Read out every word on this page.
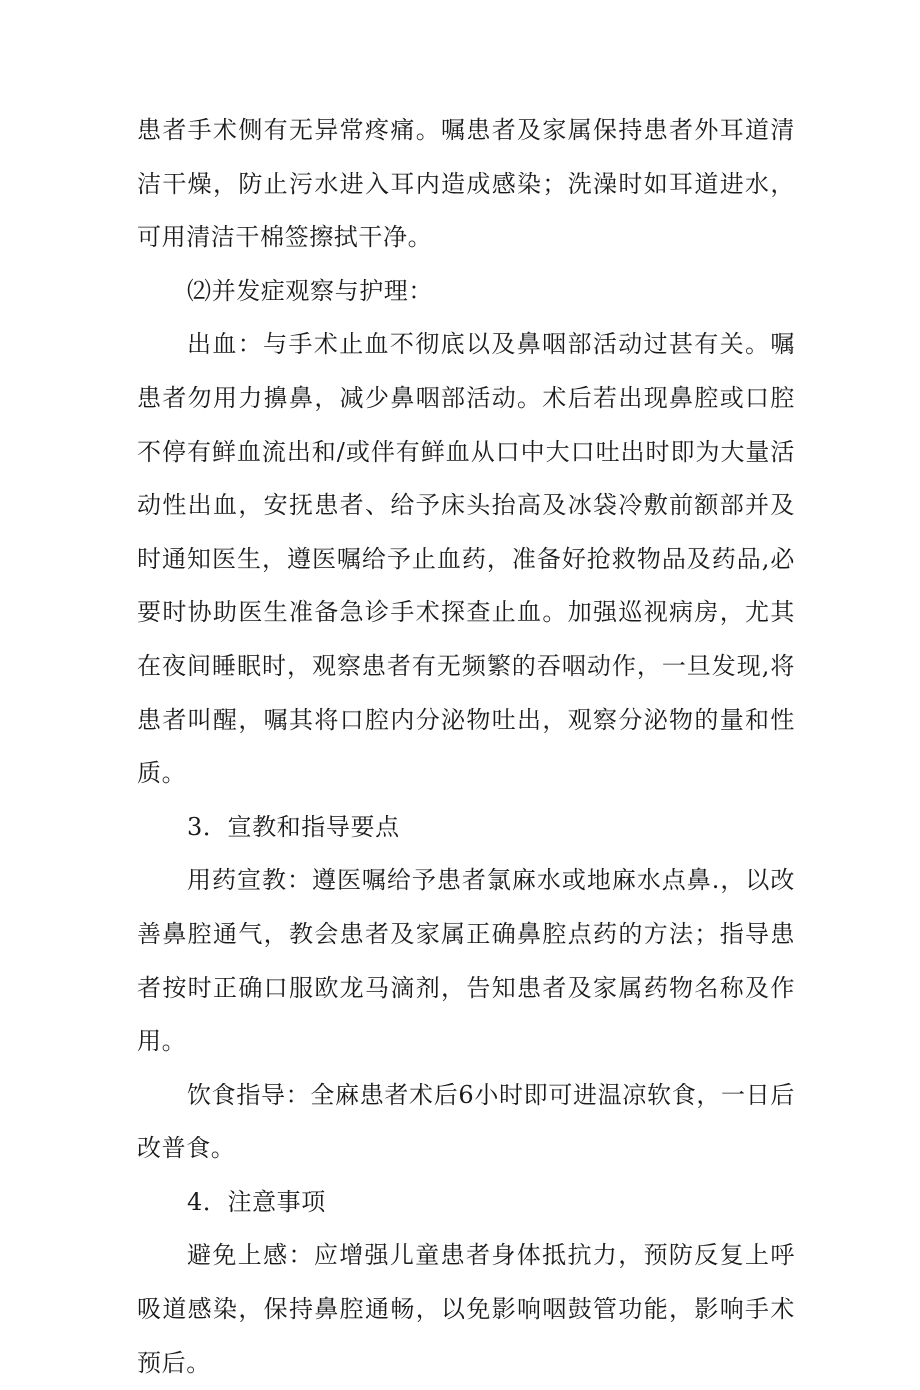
患者手术侧有无异常疼痛。嘱患者及家属保持患者外耳道清洁干燥，防止污水进入耳内造成感染；洗澡时如耳道进水，可用清洁干棉签擦拭干净。

⑵并发症观察与护理：

出血：与手术止血不彻底以及鼻咽部活动过甚有关。嘱患者勿用力擤鼻，减少鼻咽部活动。术后若出现鼻腔或口腔不停有鲜血流出和/或伴有鲜血从口中大口吐出时即为大量活动性出血，安抚患者、给予床头抬高及冰袋冷敷前额部并及时通知医生，遵医嘱给予止血药，准备好抢救物品及药品,必要时协助医生准备急诊手术探查止血。加强巡视病房，尤其在夜间睡眠时，观察患者有无频繁的吞咽动作，一旦发现,将患者叫醒，嘱其将口腔内分泌物吐出，观察分泌物的量和性质。

3．宣教和指导要点

用药宣教：遵医嘱给予患者氯麻水或地麻水点鼻.，以改善鼻腔通气，教会患者及家属正确鼻腔点药的方法；指导患者按时正确口服欧龙马滴剂，告知患者及家属药物名称及作用。

饮食指导：全麻患者术后6小时即可进温凉软食，一日后改普食。

4．注意事项

避免上感：应增强儿童患者身体抵抗力，预防反复上呼吸道感染，保持鼻腔通畅，以免影响咽鼓管功能，影响手术预后。
